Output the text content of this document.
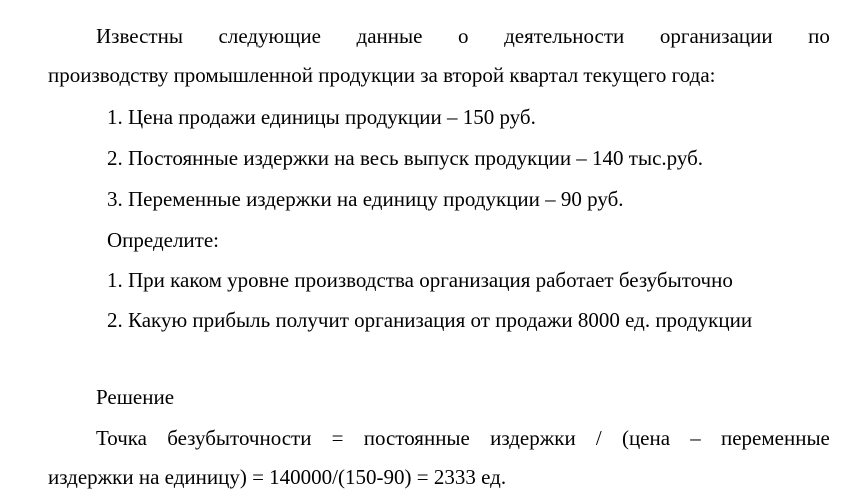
Известны следующие данные о деятельности организации по
производству промышленной продукции за второй квартал текущего года:
1. Цена продажи единицы продукции – 150 руб.
2. Постоянные издержки на весь выпуск продукции – 140 тыс.руб.
3. Переменные издержки на единицу продукции – 90 руб.
Определите:
1. При каком уровне производства организация работает безубыточно
2. Какую прибыль получит организация от продажи 8000 ед. продукции
Решение
Точка безубыточности = постоянные издержки / (цена – переменные
издержки на единицу) = 140000/(150-90) = 2333 ед.
